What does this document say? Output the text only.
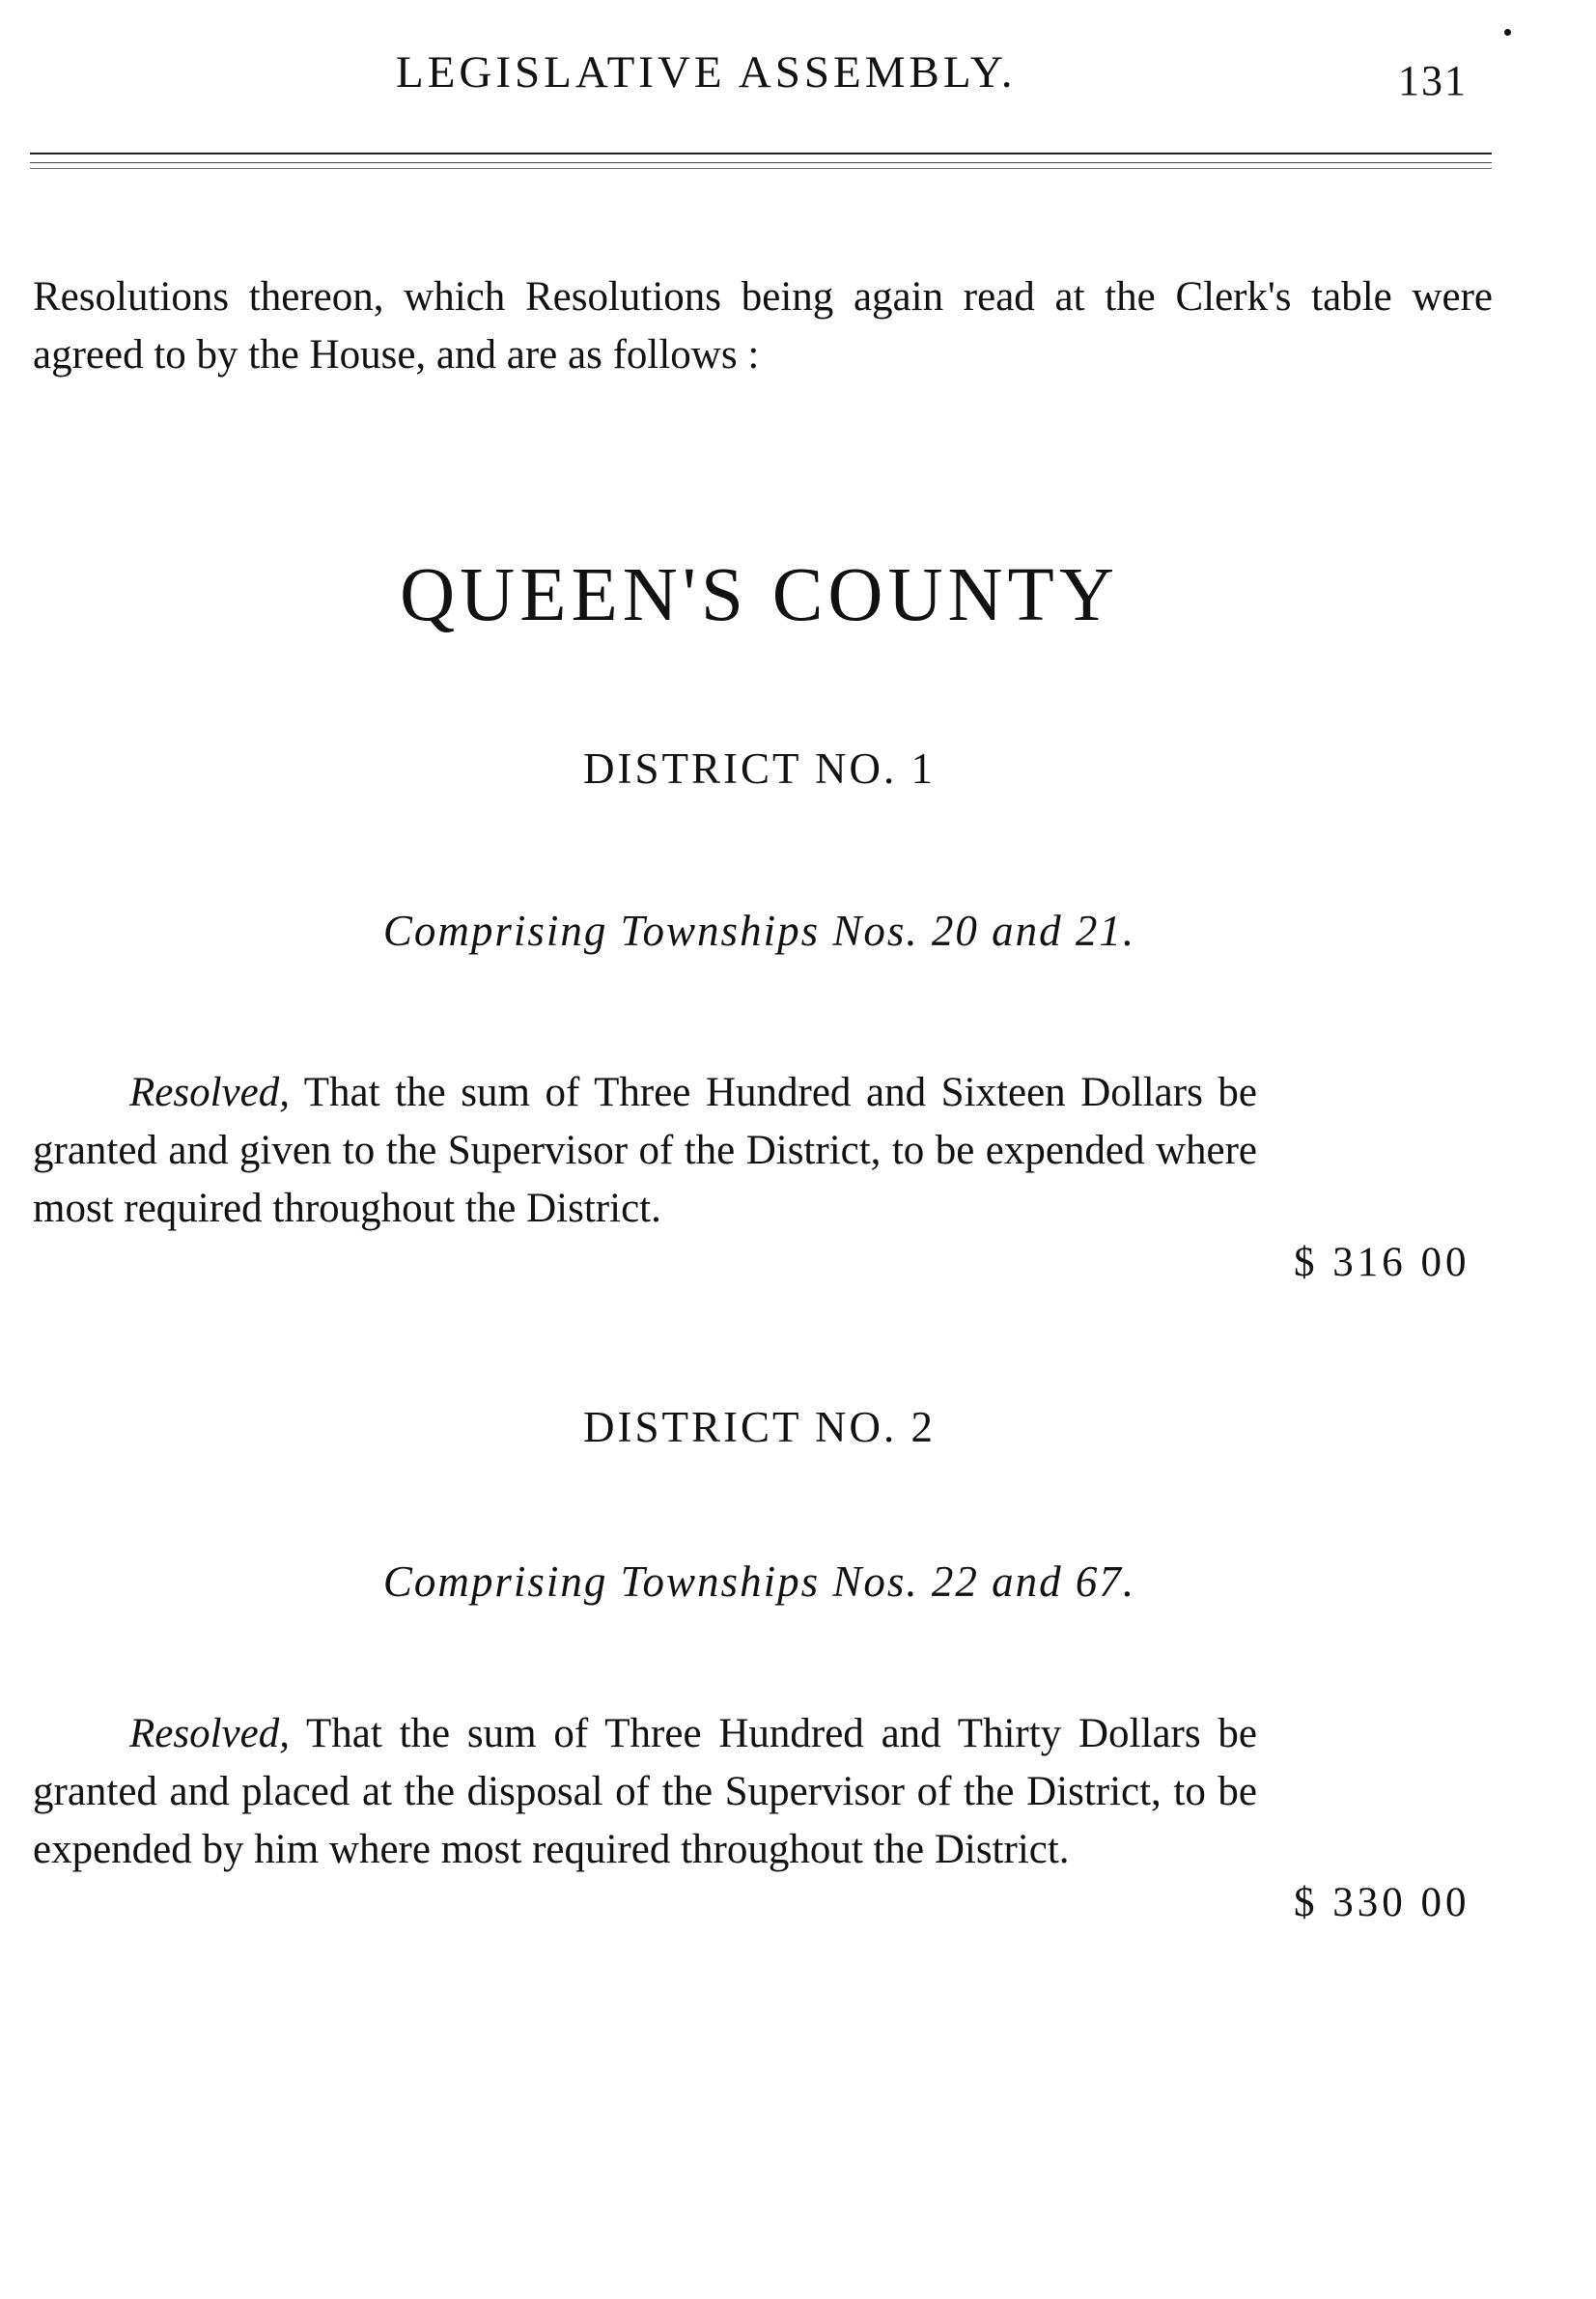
LEGISLATIVE ASSEMBLY.	131

Resolutions thereon, which Resolutions being again read at the Clerk's table were agreed to by the House, and are as follows :

QUEEN'S COUNTY
DISTRICT NO. 1

Comprising Townships Nos. 20 and 21.

Resolved, That the sum of Three Hundred and Sixteen Dollars be granted and given to the Supervisor of the District, to be expended where most required throughout the District.

$ 316 00
DISTRICT NO. 2

Comprising Townships Nos. 22 and 67.

Resolved, That the sum of Three Hundred and Thirty Dollars be granted and placed at the disposal of the Supervisor of the District, to be expended by him where most required throughout the District.

$ 330 00
